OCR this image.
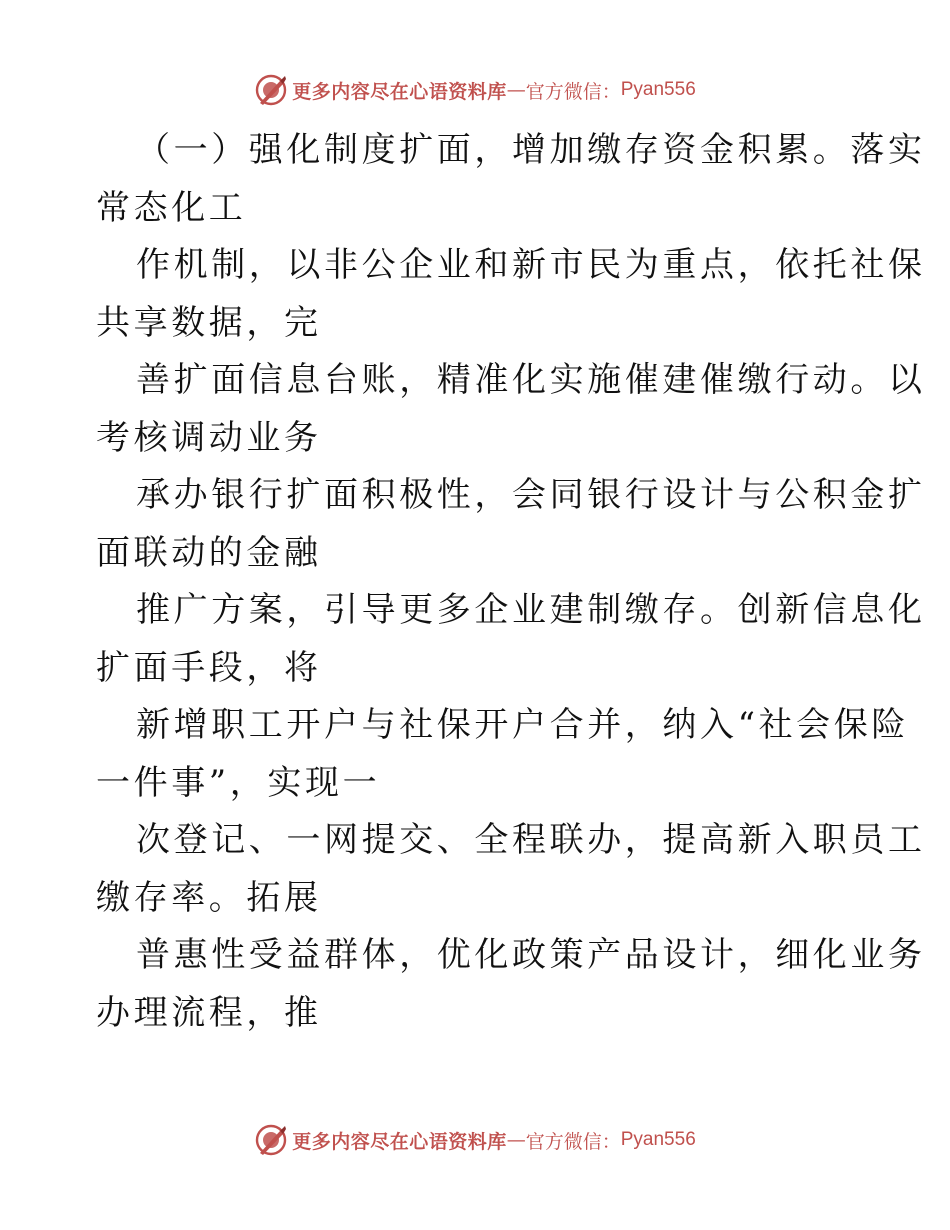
更多内容尽在心语资料库 — 官方微信： Pyan556

（一）强化制度扩面，增加缴存资金积累。落实

常态化工

作机制，以非公企业和新市民为重点，依托社保

共享数据，完

善扩面信息台账，精准化实施催建催缴行动。以

考核调动业务

承办银行扩面积极性，会同银行设计与公积金扩

面联动的金融

推广方案，引导更多企业建制缴存。创新信息化

扩面手段，将

新增职工开户与社保开户合并，纳入“社会保险

一件事”，实现一

次登记、一网提交、全程联办，提高新入职员工

缴存率。拓展

普惠性受益群体，优化政策产品设计，细化业务

办理流程，推

更多内容尽在心语资料库 — 官方微信： Pyan556
